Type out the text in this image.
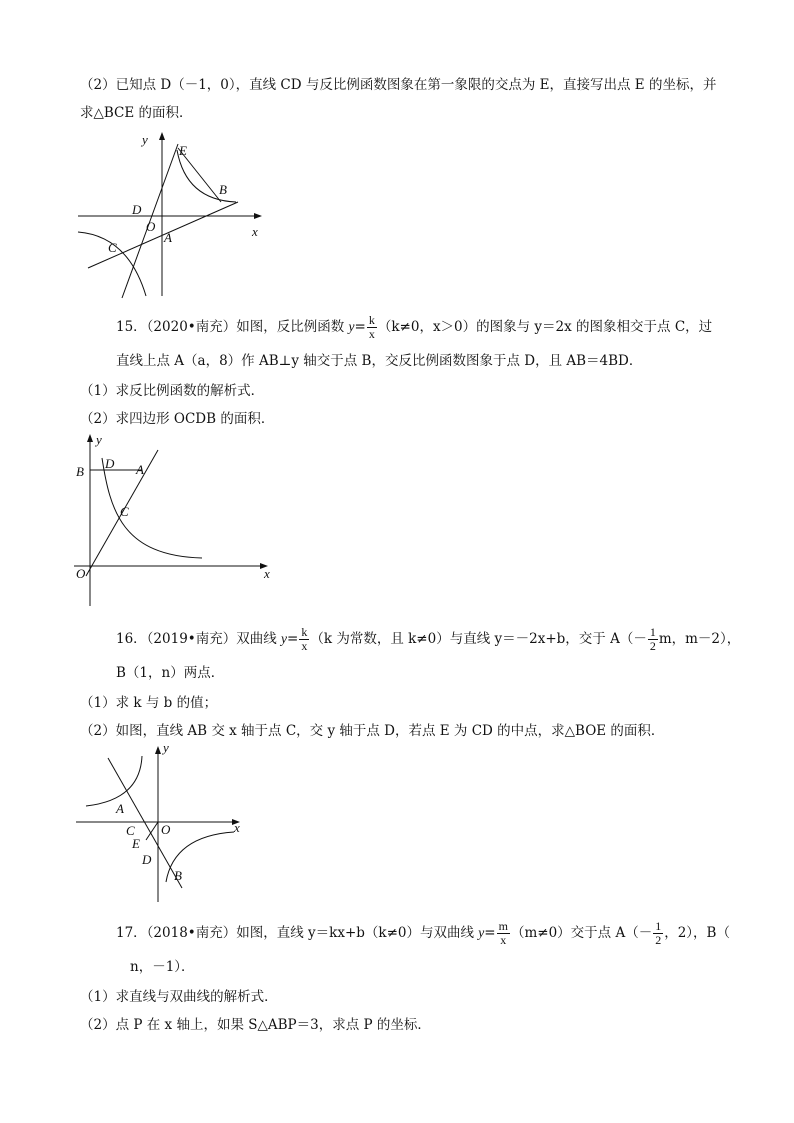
（2）已知点 D（－1，0），直线 CD 与反比例函数图象在第一象限的交点为 E，直接写出点 E 的坐标，并
求△BCE 的面积．
y
E
B
D
O
A	x
C
15．（2020•南充）如图，反比例函数 $y= \frac{k}{x} (k\ne 0$，x＞0）的图象与 y＝2x 的图象相交于点 C，过
直线上点 A（a，8）作 AB⊥y 轴交于点 B，交反比例函数图象于点 D，且 AB＝4BD．
（1）求反比例函数的解析式．
（2）求四边形 OCDB 的面积．
y
B
D A
C
O	x
16．（2019•南充）双曲线 $y= \frac{k}{x} (k$ 为常数，且 k≠0）与直线 y＝－2x+b，交于 $A(- \frac{1}{2}$ m，m－2），
B（1，n）两点．
（1）求 k 与 b 的值；
（2）如图，直线 AB 交 x 轴于点 C，交 y 轴于点 D，若点 E 为 CD 的中点，求△BOE 的面积．
y
A
C O	x
E
D
B
17．（2018•南充）如图，直线 y＝kx+b（k≠0）与双曲线 $y= \frac{m}{x} (m\ne 0)$交于点 $A(- \frac{1}{2}$ ，2），B（
n，－1）．
（1）求直线与双曲线的解析式．
（2）点 P 在 x 轴上，如果 S△ABP＝3，求点 P 的坐标．
